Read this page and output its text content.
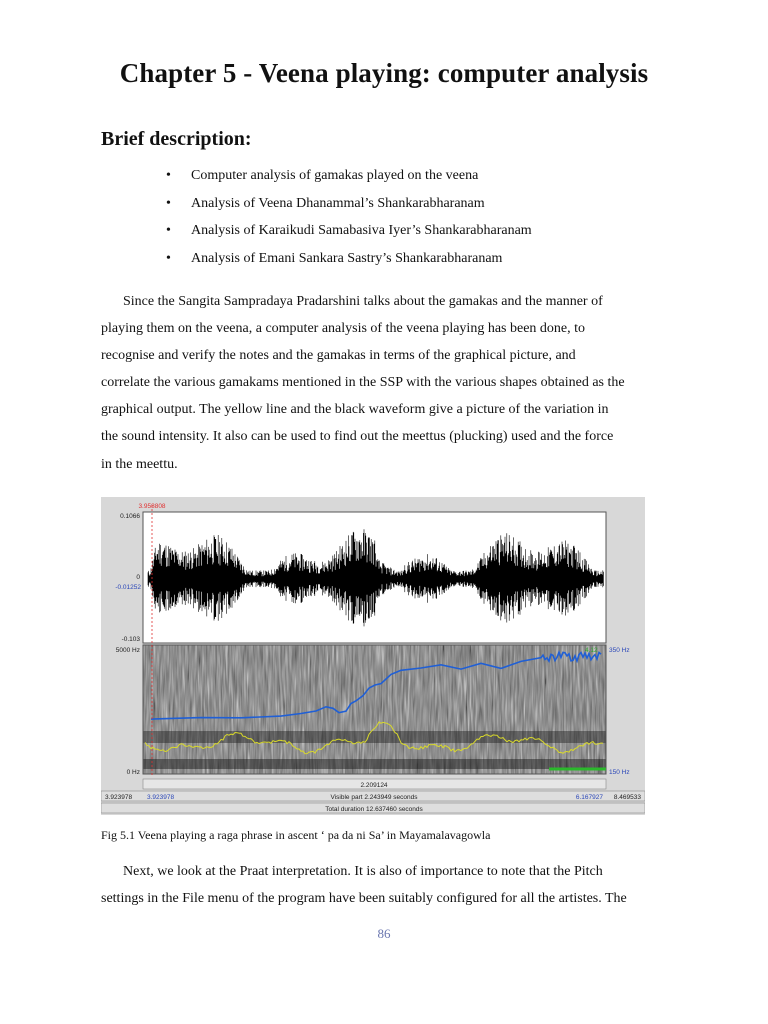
Chapter 5 - Veena playing: computer analysis
Brief description:
• Computer analysis of gamakas played on the veena
• Analysis of Veena Dhanammal’s Shankarabharanam
• Analysis of Karaikudi Samabasiva Iyer’s Shankarabharanam
• Analysis of Emani Sankara Sastry’s Shankarabharanam

Since the Sangita Sampradaya Pradarshini talks about the gamakas and the manner of
playing them on the veena, a computer analysis of the veena playing has been done, to
recognise and verify the notes and the gamakas in terms of the graphical picture, and
correlate the various gamakams mentioned in the SSP with the various shapes obtained as the
graphical output. The yellow line and the black waveform give a picture of the variation in
the sound intensity. It also can be used to find out the meettus (plucking) used and the force
in the meettu.

3.958808
0.1066
0
-0.01252
-0.103
5000 Hz
0 Hz
4.12 350 Hz
150 Hz
2.209124
3.923978 3.923978	Visible part 2.243949 seconds	6.167927 8.469533
Total duration 12.637460 seconds
Fig 5.1 Veena playing a raga phrase in ascent ‘ pa da ni Sa’ in Mayamalavagowla

Next, we look at the Praat interpretation. It is also of importance to note that the Pitch
settings in the File menu of the program have been suitably configured for all the artistes. The

86
